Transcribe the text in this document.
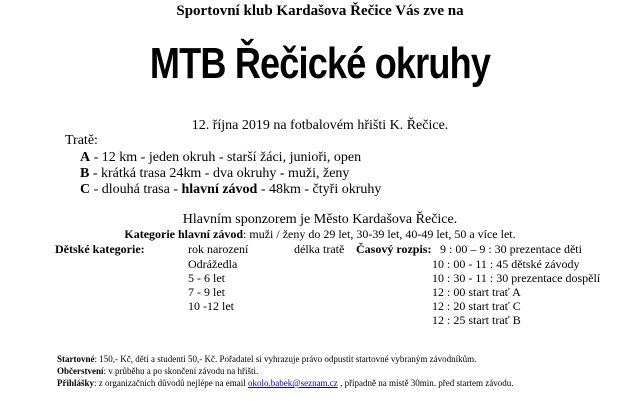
Sportovní klub Kardašova Řečice Vás zve na
MTB Řečické okruhy
12. října 2019 na fotbalovém hřišti K. Řečice.
Tratě:
A - 12 km - jeden okruh - starší žáci, junioři, open
B - krátká trasa 24km - dva okruhy - muži, ženy
C - dlouhá trasa - hlavní závod - 48km - čtyři okruhy
Hlavním sponzorem je Město Kardašova Řečice.
Kategorie hlavní závod: muži / ženy do 29 let, 30-39 let, 40-49 let, 50 a více let.
Dětské kategorie:	rok narození
Odrážedla
5 - 6 let
7 - 9 let
10 -12 let
délka tratě Časový rozpis: 9 : 00 – 9 : 30 prezentace děti
10 : 00 - 11 : 45 dětské závody
10 : 30 - 11 : 30 prezentace dospělí
12 : 00 start trať A
12 : 20 start trať C
12 : 25 start trať B
Startovné: 150,- Kč, děti a studenti 50,- Kč. Pořadatel si vyhrazuje právo odpustit startovné vybraným závodníkům.
Občerstvení: v průběhu a po skončení závodu na hřišti.
Přihlášky: z organizačních důvodů nejlépe na email okolo.babek@seznam.cz , případně na místě 30min. před startem závodu.
